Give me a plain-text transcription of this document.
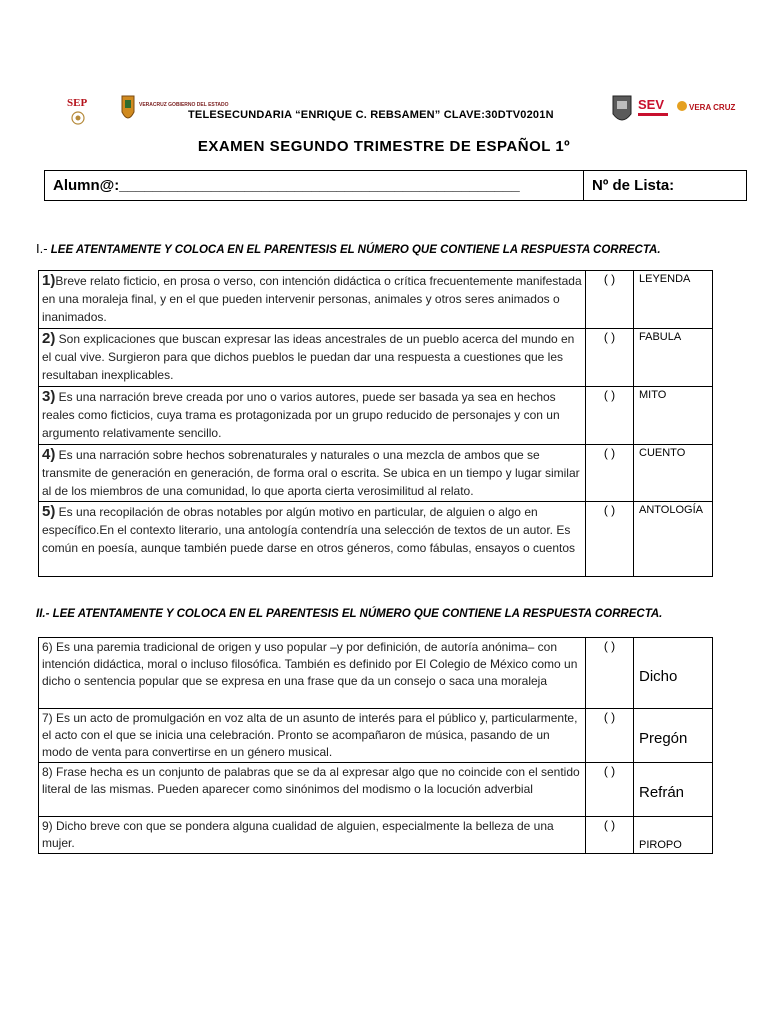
SEP	VERACRUZ GOBIERNO DEL ESTADO
TELESECUNDARIA “ENRIQUE C. REBSAMEN” CLAVE:30DTV0201N
SEV	VERA CRUZ
EXAMEN SEGUNDO TRIMESTRE DE ESPAÑOL 1º
Alumn@:________________________________________________	Nº de Lista:
I.- LEE ATENTAMENTE Y COLOCA EN EL PARENTESIS EL NÚMERO QUE CONTIENE LA RESPUESTA CORRECTA.
1)Breve relato ficticio, en prosa o verso, con intención didáctica o crítica frecuentemente manifestada en una moraleja final, y en el que pueden intervenir personas, animales y otros seres animados o inanimados.	( )	LEYENDA
2) Son explicaciones que buscan expresar las ideas ancestrales de un pueblo acerca del mundo en el cual vive. Surgieron para que dichos pueblos le puedan dar una respuesta a cuestiones que les resultaban inexplicables.	( )	FABULA
3) Es una narración breve creada por uno o varios autores, puede ser basada ya sea en hechos reales como ficticios, cuya trama es protagonizada por un grupo reducido de personajes y con un argumento relativamente sencillo.	( )	MITO
4) Es una narración sobre hechos sobrenaturales y naturales o una mezcla de ambos que se transmite de generación en generación, de forma oral o escrita. Se ubica en un tiempo y lugar similar al de los miembros de una comunidad, lo que aporta cierta verosimilitud al relato.	( )	CUENTO
5) Es una recopilación de obras notables por algún motivo en particular, de alguien o algo en específico.En el contexto literario, una antología contendría una selección de textos de un autor. Es común en poesía, aunque también puede darse en otros géneros, como fábulas, ensayos o cuentos	( )	ANTOLOGÍA
II.- LEE ATENTAMENTE Y COLOCA EN EL PARENTESIS EL NÚMERO QUE CONTIENE LA RESPUESTA CORRECTA.
6) Es una paremia tradicional de origen y uso popular –y por definición, de autoría anónima– con intención didáctica, moral o incluso filosófica. También es definido por El Colegio de México como un dicho o sentencia popular que se expresa en una frase que da un consejo o saca una moraleja	( )	Dicho
7) Es un acto de promulgación en voz alta de un asunto de interés para el público y, particularmente, el acto con el que se inicia una celebración. Pronto se acompañaron de música, pasando de un modo de venta para convertirse en un género musical.	( )	Pregón
8) Frase hecha es un conjunto de palabras que se da al expresar algo que no coincide con el sentido literal de las mismas. Pueden aparecer como sinónimos del modismo o la locución adverbial	( )	Refrán
9) Dicho breve con que se pondera alguna cualidad de alguien, especialmente la belleza de una mujer.	( )	PIROPO
